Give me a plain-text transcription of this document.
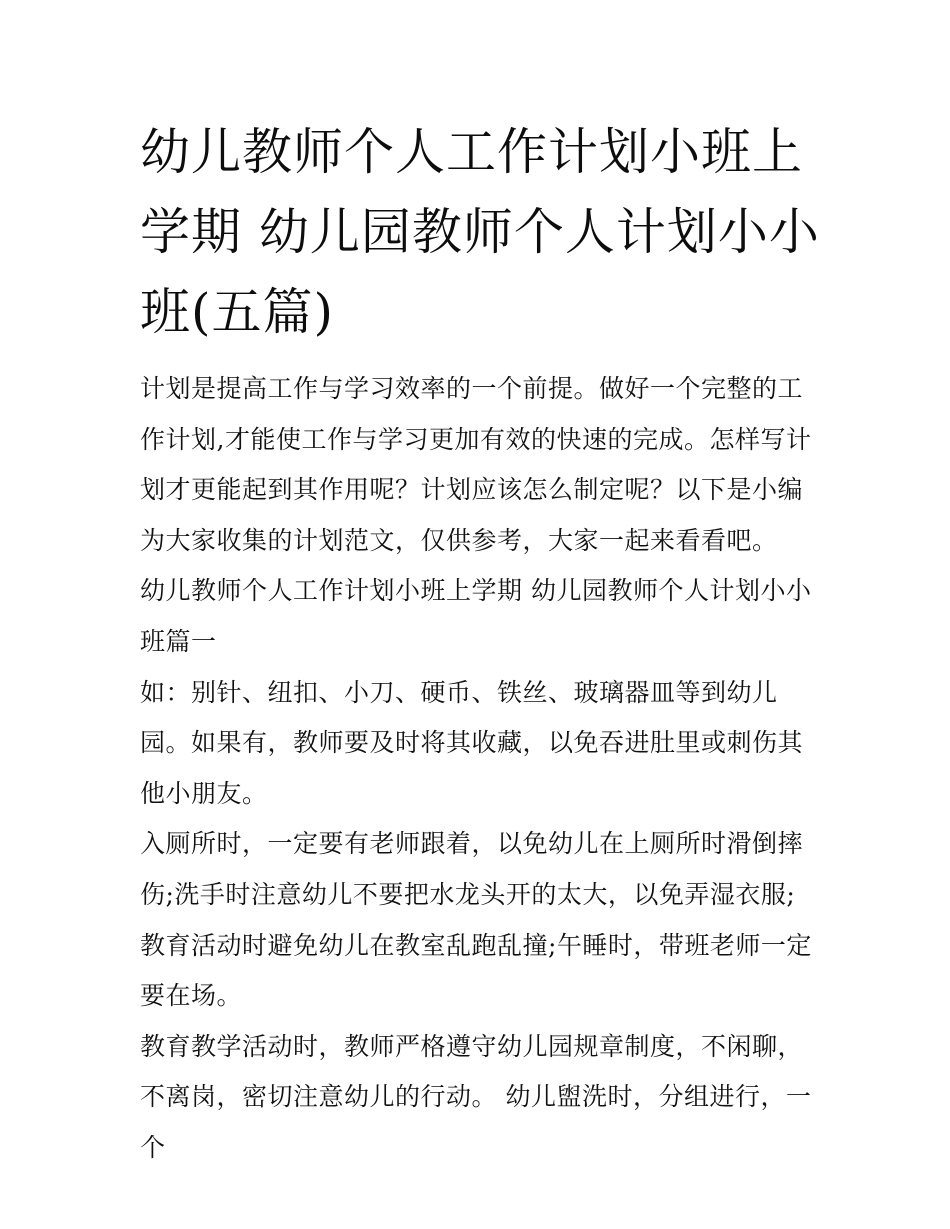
幼儿教师个人工作计划小班上学期 幼儿园教师个人计划小小班(五篇)

计划是提高工作与学习效率的一个前提。做好一个完整的工作计划,才能使工作与学习更加有效的快速的完成。怎样写计划才更能起到其作用呢？计划应该怎么制定呢？以下是小编为大家收集的计划范文，仅供参考，大家一起来看看吧。

幼儿教师个人工作计划小班上学期 幼儿园教师个人计划小小班篇一

如：别针、纽扣、小刀、硬币、铁丝、玻璃器皿等到幼儿园。如果有，教师要及时将其收藏，以免吞进肚里或刺伤其他小朋友。

入厕所时，一定要有老师跟着，以免幼儿在上厕所时滑倒摔伤;洗手时注意幼儿不要把水龙头开的太大，以免弄湿衣服;教育活动时避免幼儿在教室乱跑乱撞;午睡时，带班老师一定要在场。

教育教学活动时，教师严格遵守幼儿园规章制度，不闲聊，不离岗，密切注意幼儿的行动。 幼儿盥洗时，分组进行，一个
